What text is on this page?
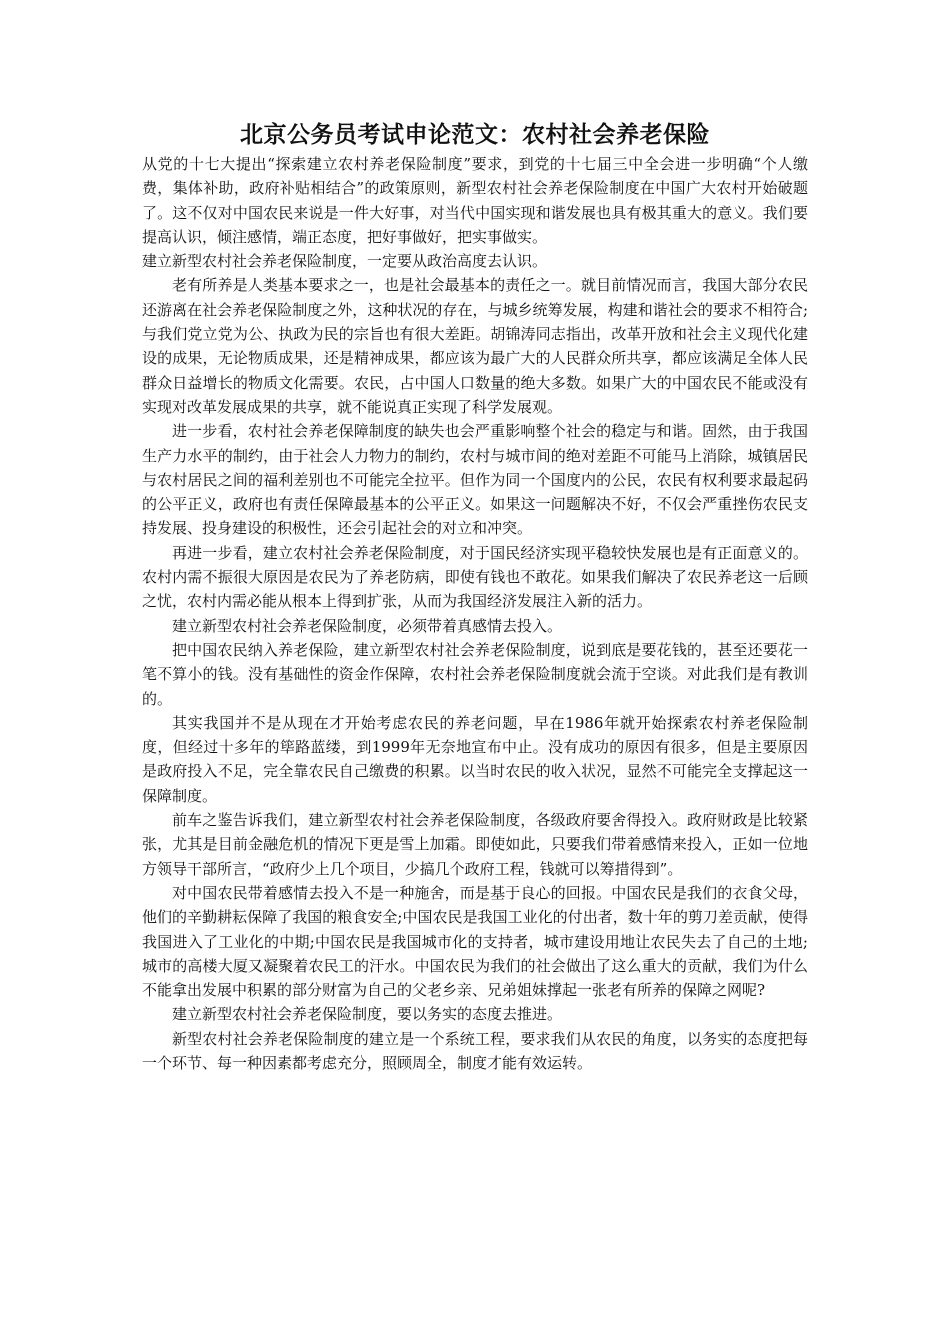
北京公务员考试申论范文：农村社会养老保险

从党的十七大提出“探索建立农村养老保险制度”要求，到党的十七届三中全会进一步明确“个人缴费，集体补助，政府补贴相结合”的政策原则，新型农村社会养老保险制度在中国广大农村开始破题了。这不仅对中国农民来说是一件大好事，对当代中国实现和谐发展也具有极其重大的意义。我们要提高认识，倾注感情，端正态度，把好事做好，把实事做实。

建立新型农村社会养老保险制度，一定要从政治高度去认识。

老有所养是人类基本要求之一，也是社会最基本的责任之一。就目前情况而言，我国大部分农民还游离在社会养老保险制度之外，这种状况的存在，与城乡统筹发展，构建和谐社会的要求不相符合;与我们党立党为公、执政为民的宗旨也有很大差距。胡锦涛同志指出，改革开放和社会主义现代化建设的成果，无论物质成果，还是精神成果，都应该为最广大的人民群众所共享，都应该满足全体人民群众日益增长的物质文化需要。农民，占中国人口数量的绝大多数。如果广大的中国农民不能或没有实现对改革发展成果的共享，就不能说真正实现了科学发展观。

进一步看，农村社会养老保障制度的缺失也会严重影响整个社会的稳定与和谐。固然，由于我国生产力水平的制约，由于社会人力物力的制约，农村与城市间的绝对差距不可能马上消除，城镇居民与农村居民之间的福利差别也不可能完全拉平。但作为同一个国度内的公民，农民有权利要求最起码的公平正义，政府也有责任保障最基本的公平正义。如果这一问题解决不好，不仅会严重挫伤农民支持发展、投身建设的积极性，还会引起社会的对立和冲突。

再进一步看，建立农村社会养老保险制度，对于国民经济实现平稳较快发展也是有正面意义的。农村内需不振很大原因是农民为了养老防病，即使有钱也不敢花。如果我们解决了农民养老这一后顾之忧，农村内需必能从根本上得到扩张，从而为我国经济发展注入新的活力。

建立新型农村社会养老保险制度，必须带着真感情去投入。

把中国农民纳入养老保险，建立新型农村社会养老保险制度，说到底是要花钱的，甚至还要花一笔不算小的钱。没有基础性的资金作保障，农村社会养老保险制度就会流于空谈。对此我们是有教训的。

其实我国并不是从现在才开始考虑农民的养老问题，早在1986年就开始探索农村养老保险制度，但经过十多年的筚路蓝缕，到1999年无奈地宣布中止。没有成功的原因有很多，但是主要原因是政府投入不足，完全靠农民自己缴费的积累。以当时农民的收入状况，显然不可能完全支撑起这一保障制度。

前车之鉴告诉我们，建立新型农村社会养老保险制度，各级政府要舍得投入。政府财政是比较紧张，尤其是目前金融危机的情况下更是雪上加霜。即使如此，只要我们带着感情来投入，正如一位地方领导干部所言，“政府少上几个项目，少搞几个政府工程，钱就可以筹措得到”。

对中国农民带着感情去投入不是一种施舍，而是基于良心的回报。中国农民是我们的衣食父母，他们的辛勤耕耘保障了我国的粮食安全;中国农民是我国工业化的付出者，数十年的剪刀差贡献，使得我国进入了工业化的中期;中国农民是我国城市化的支持者，城市建设用地让农民失去了自己的土地;城市的高楼大厦又凝聚着农民工的汗水。中国农民为我们的社会做出了这么重大的贡献，我们为什么不能拿出发展中积累的部分财富为自己的父老乡亲、兄弟姐妹撑起一张老有所养的保障之网呢?

建立新型农村社会养老保险制度，要以务实的态度去推进。

新型农村社会养老保险制度的建立是一个系统工程，要求我们从农民的角度，以务实的态度把每一个环节、每一种因素都考虑充分，照顾周全，制度才能有效运转。
